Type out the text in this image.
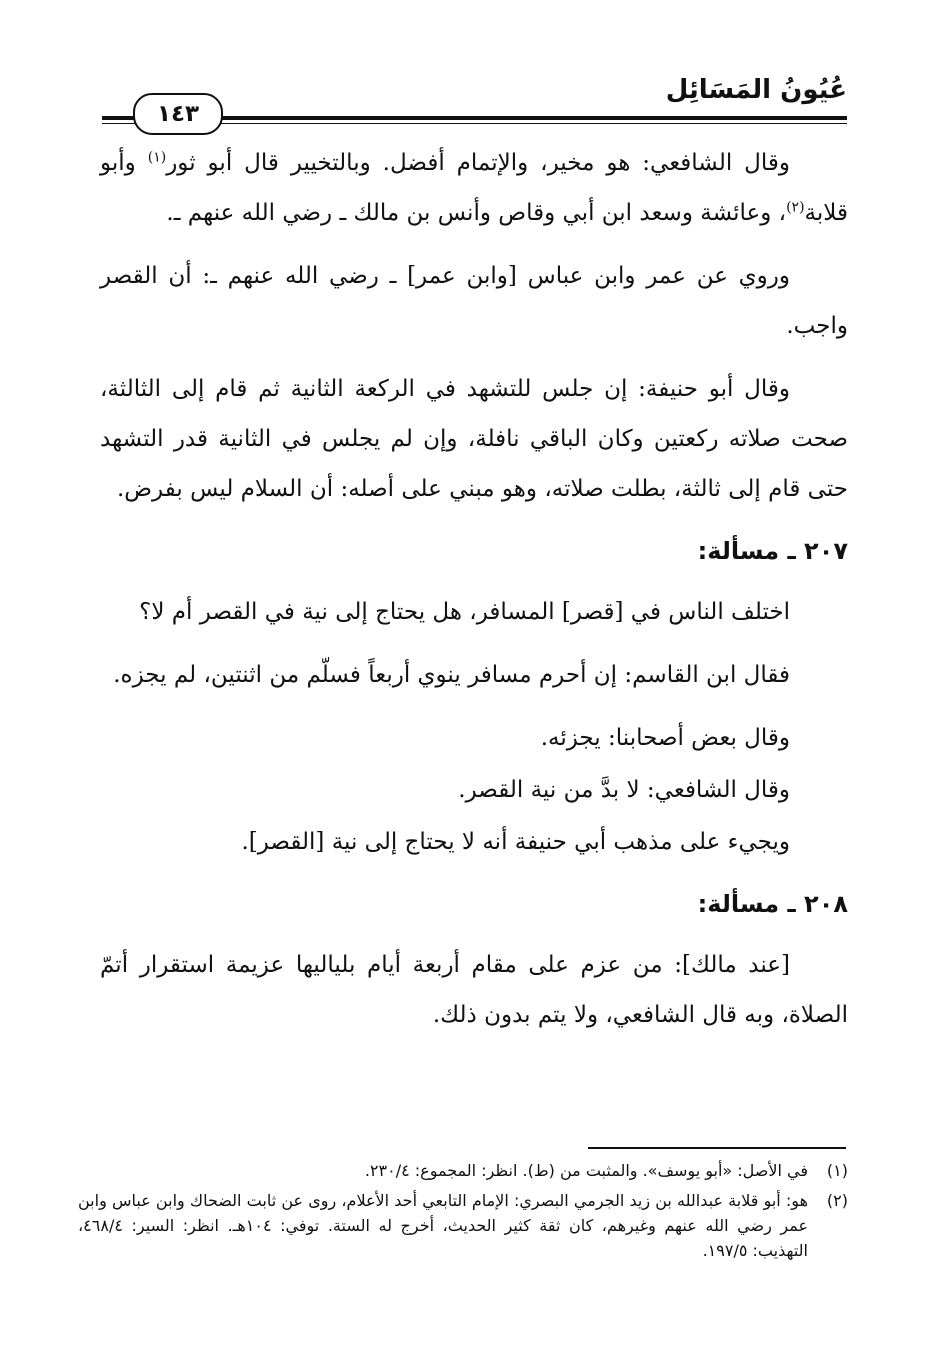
عُيُونُ المَسَائِل
١٤٣

وقال الشافعي: هو مخير، والإتمام أفضل. وبالتخيير قال أبو ثور$^{(١)}$ وأبو قلابة$^{(٢)}$، وعائشة وسعد ابن أبي وقاص وأنس بن مالك ـ رضي الله عنهم ـ.

وروي عن عمر وابن عباس [وابن عمر] ـ رضي الله عنهم ـ: أن القصر واجب.

وقال أبو حنيفة: إن جلس للتشهد في الركعة الثانية ثم قام إلى الثالثة، صحت صلاته ركعتين وكان الباقي نافلة، وإن لم يجلس في الثانية قدر التشهد حتى قام إلى ثالثة، بطلت صلاته، وهو مبني على أصله: أن السلام ليس بفرض.

٢٠٧ ـ مسألة:

اختلف الناس في [قصر] المسافر، هل يحتاج إلى نية في القصر أم لا؟

فقال ابن القاسم: إن أحرم مسافر ينوي أربعاً فسلّم من اثنتين، لم يجزه.

وقال بعض أصحابنا: يجزئه.

وقال الشافعي: لا بدَّ من نية القصر.

ويجيء على مذهب أبي حنيفة أنه لا يحتاج إلى نية [القصر].

٢٠٨ ـ مسألة:

[عند مالك]: من عزم على مقام أربعة أيام بلياليها عزيمة استقرار أتمّ الصلاة، وبه قال الشافعي، ولا يتم بدون ذلك.

(١)
في الأصل: «أبو يوسف». والمثبت من (ط). انظر: المجموع: ٢٣٠/٤.
(٢)
هو: أبو قلابة عبدالله بن زيد الجرمي البصري: الإمام التابعي أحد الأعلام، روى عن ثابت الضحاك وابن عباس وابن عمر رضي الله عنهم وغيرهم، كان ثقة كثير الحديث، أخرج له الستة. توفي: ١٠٤هـ. انظر: السير: ٤٦٨/٤، التهذيب: ١٩٧/٥.
